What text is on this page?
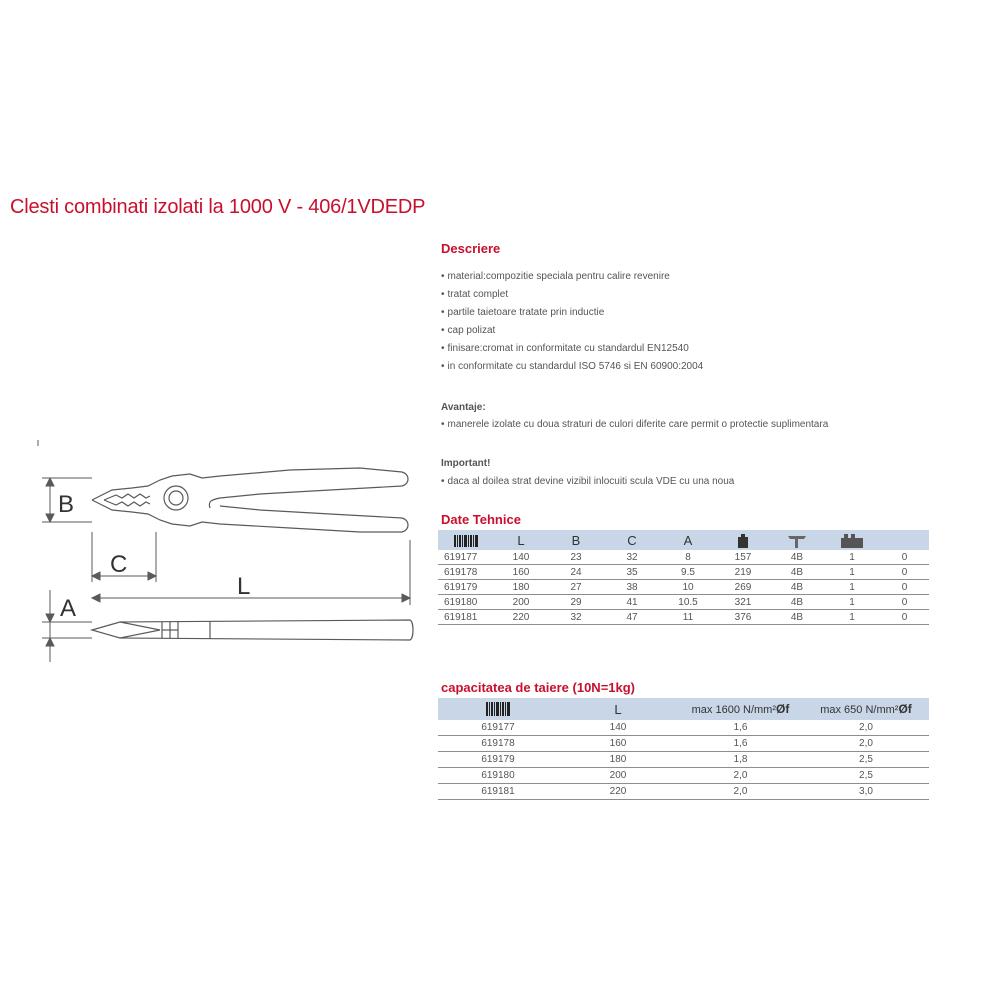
Clesti combinati izolati la 1000 V - 406/1VDEDP
B
C
L
A
Descriere
• material:compozitie speciala pentru calire revenire
• tratat complet
• partile taietoare tratate prin inductie
• cap polizat
• finisare:cromat in conformitate cu standardul EN12540
• in conformitate cu standardul ISO 5746 si EN 60900:2004
Avantaje:
• manerele izolate cu doua straturi de culori diferite care permit o protectie suplimentara
Important!
• daca al doilea strat devine vizibil inlocuiti scula VDE cu una noua
Date Tehnice
	L	B	C	A				
619177	140	23	32	8	157	4B	1	0
619178	160	24	35	9.5	219	4B	1	0
619179	180	27	38	10	269	4B	1	0
619180	200	29	41	10.5	321	4B	1	0
619181	220	32	47	11	376	4B	1	0
capacitatea de taiere (10N=1kg)
	L	max 1600 N/mm²Øf	max 650 N/mm²Øf
619177	140	1,6	2,0
619178	160	1,6	2,0
619179	180	1,8	2,5
619180	200	2,0	2,5
619181	220	2,0	3,0
